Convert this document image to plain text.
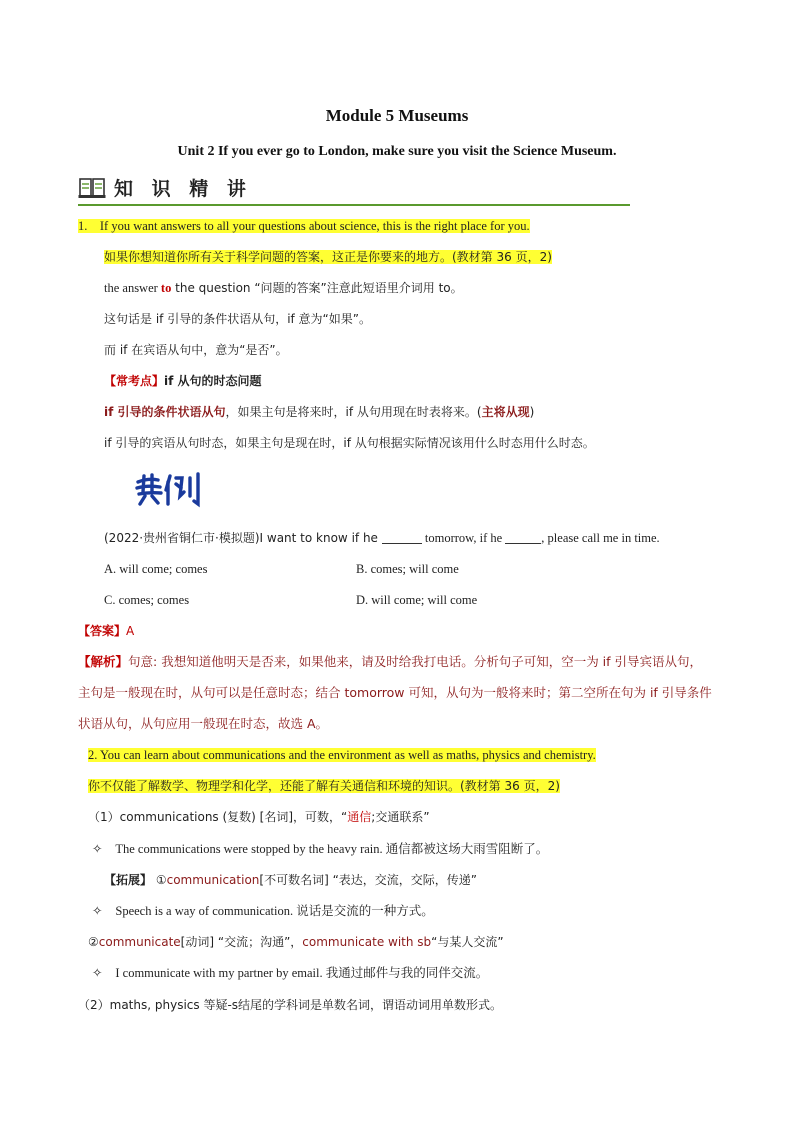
Module 5 Museums
Unit 2 If you ever go to London, make sure you visit the Science Museum.
知 识 精 讲
1. If you want answers to all your questions about science, this is the right place for you.
如果你想知道你所有关于科学问题的答案，这正是你要来的地方。(教材第 36 页，2)
the answer to the question “问题的答案”注意此短语里介词用 to。
这句话是 if 引导的条件状语从句，if 意为“如果”。
而 if 在宾语从句中，意为“是否”。
【常考点】if 从句的时态问题
if 引导的条件状语从句，如果主句是将来时，if 从句用现在时表将来。(主将从现)
if 引导的宾语从句时态，如果主句是现在时，if 从句根据实际情况该用什么时态用什么时态。
(2022·贵州省铜仁市·模拟题)I want to know if he	tomorrow, if he	, please call me in time.
A. will come; comes	B. comes; will come
C. comes; comes	D. will come; will come
【答案】A
【解析】句意: 我想知道他明天是否来，如果他来，请及时给我打电话。分析句子可知，空一为 if 引导宾语从句，主句是一般现在时，从句可以是任意时态；结合 tomorrow 可知，从句为一般将来时；第二空所在句为 if 引导条件状语从句，从句应用一般现在时态，故选 A。
2. You can learn about communications and the environment as well as maths, physics and chemistry.
你不仅能了解数学、物理学和化学，还能了解有关通信和环境的知识。(教材第 36 页，2)
（1）communications (复数) [名词]，可数，“通信;交通联系”
✧ The communications were stopped by the heavy rain. 通信都被这场大雨雪阻断了。
【拓展】 ①communication[不可数名词] “表达，交流，交际，传递”
✧ Speech is a way of communication. 说话是交流的一种方式。
②communicate[动词] “交流；沟通”，communicate with sb“与某人交流”
✧ I communicate with my partner by email. 我通过邮件与我的同伴交流。
（2）maths, physics 等疑-s结尾的学科词是单数名词，谓语动词用单数形式。
